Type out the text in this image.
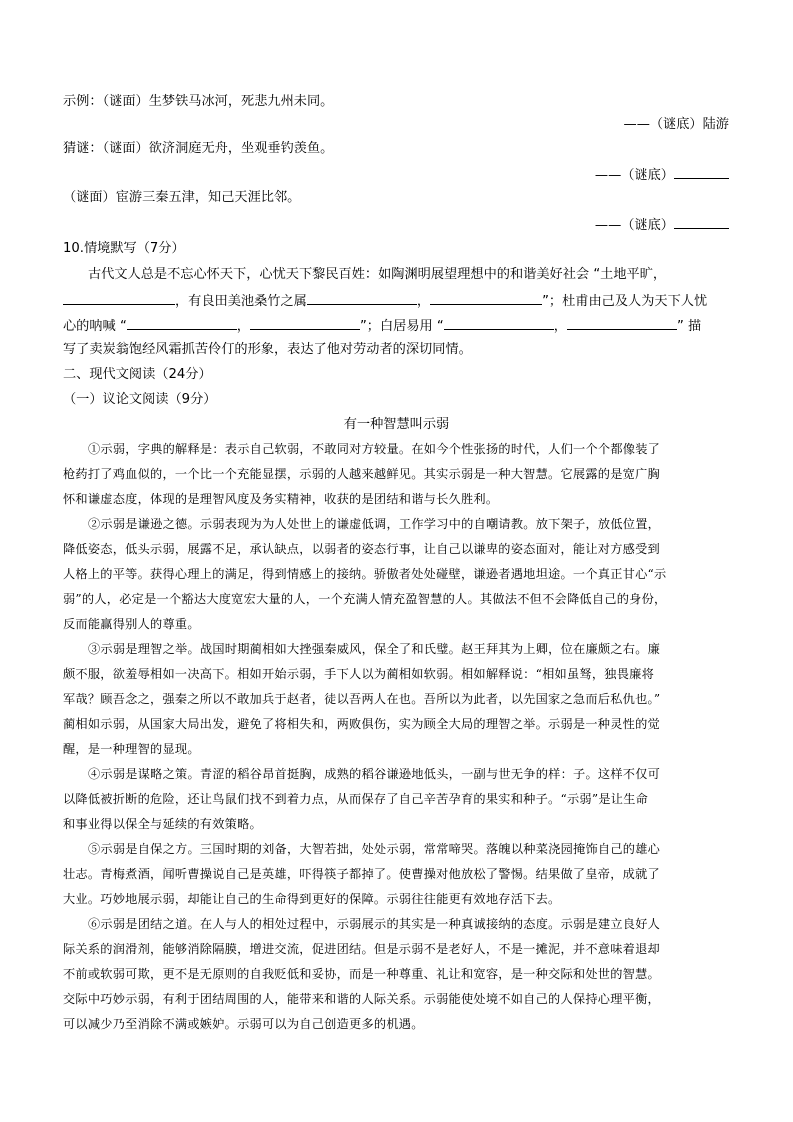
示例：（谜面）生梦铁马冰河，死悲九州未同。
——（谜底）陆游
猜谜：（谜面）欲济洞庭无舟，坐观垂钓羡鱼。
——（谜底）
（谜面）宦游三秦五津，知己天涯比邻。
——（谜底）
10.情境默写（7分）
古代文人总是不忘心怀天下，心忧天下黎民百姓：如陶渊明展望理想中的和谐美好社会 “土地平旷，
，有良田美池桑竹之属	，	”；杜甫由己及人为天下人忧
心的呐喊 “	，	”；白居易用 “	，	” 描
写了卖炭翁饱经风霜抓苦伶仃的形象，表达了他对劳动者的深切同情。
二、现代文阅读（24分）
（一）议论文阅读（9分）
有一种智慧叫示弱
①示弱，字典的解释是：表示自己软弱，不敢同对方较量。在如今个性张扬的时代，人们一个个都像装了
枪药打了鸡血似的，一个比一个充能显摆，示弱的人越来越鲜见。其实示弱是一种大智慧。它展露的是宽广胸
怀和谦虚态度，体现的是理智风度及务实精神，收获的是团结和谐与长久胜利。
②示弱是谦逊之德。示弱表现为为人处世上的谦虚低调，工作学习中的自嘲请教。放下架子，放低位置，
降低姿态，低头示弱，展露不足，承认缺点，以弱者的姿态行事，让自己以谦卑的姿态面对，能让对方感受到
人格上的平等。获得心理上的满足，得到情感上的接纳。骄傲者处处碰壁，谦逊者遇地坦途。一个真正甘心“示
弱”的人，必定是一个豁达大度宽宏大量的人，一个充满人情充盈智慧的人。其做法不但不会降低自己的身份，
反而能赢得别人的尊重。
③示弱是理智之举。战国时期蔺相如大挫强秦威风，保全了和氏璧。赵王拜其为上卿，位在廉颇之右。廉
颇不服，欲羞辱相如一决高下。相如开始示弱，手下人以为蔺相如软弱。相如解释说：“相如虽驽，独畏廉将
军哉？顾吾念之，强秦之所以不敢加兵于赵者，徒以吾两人在也。吾所以为此者，以先国家之急而后私仇也。”
蔺相如示弱，从国家大局出发，避免了将相失和，两败俱伤，实为顾全大局的理智之举。示弱是一种灵性的觉
醒，是一种理智的显现。
④示弱是谋略之策。青涩的稻谷昂首挺胸，成熟的稻谷谦逊地低头，一副与世无争的样：子。这样不仅可
以降低被折断的危险，还让鸟鼠们找不到着力点，从而保存了自己辛苦孕育的果实和种子。“示弱”是让生命
和事业得以保全与延续的有效策略。
⑤示弱是自保之方。三国时期的刘备，大智若拙，处处示弱，常常啼哭。落魄以种菜浇园掩饰自己的雄心
壮志。青梅煮酒，闻听曹操说自己是英雄，吓得筷子都掉了。使曹操对他放松了警惕。结果做了皇帝，成就了
大业。巧妙地展示弱，却能让自己的生命得到更好的保障。示弱往往能更有效地存活下去。
⑥示弱是团结之道。在人与人的相处过程中，示弱展示的其实是一种真诚接纳的态度。示弱是建立良好人
际关系的润滑剂，能够消除隔膜，增进交流，促进团结。但是示弱不是老好人，不是一摊泥，并不意味着退却
不前或软弱可欺，更不是无原则的自我贬低和妥协，而是一种尊重、礼让和宽容，是一种交际和处世的智慧。
交际中巧妙示弱，有利于团结周围的人，能带来和谐的人际关系。示弱能使处境不如自己的人保持心理平衡，
可以减少乃至消除不满或嫉妒。示弱可以为自己创造更多的机遇。
